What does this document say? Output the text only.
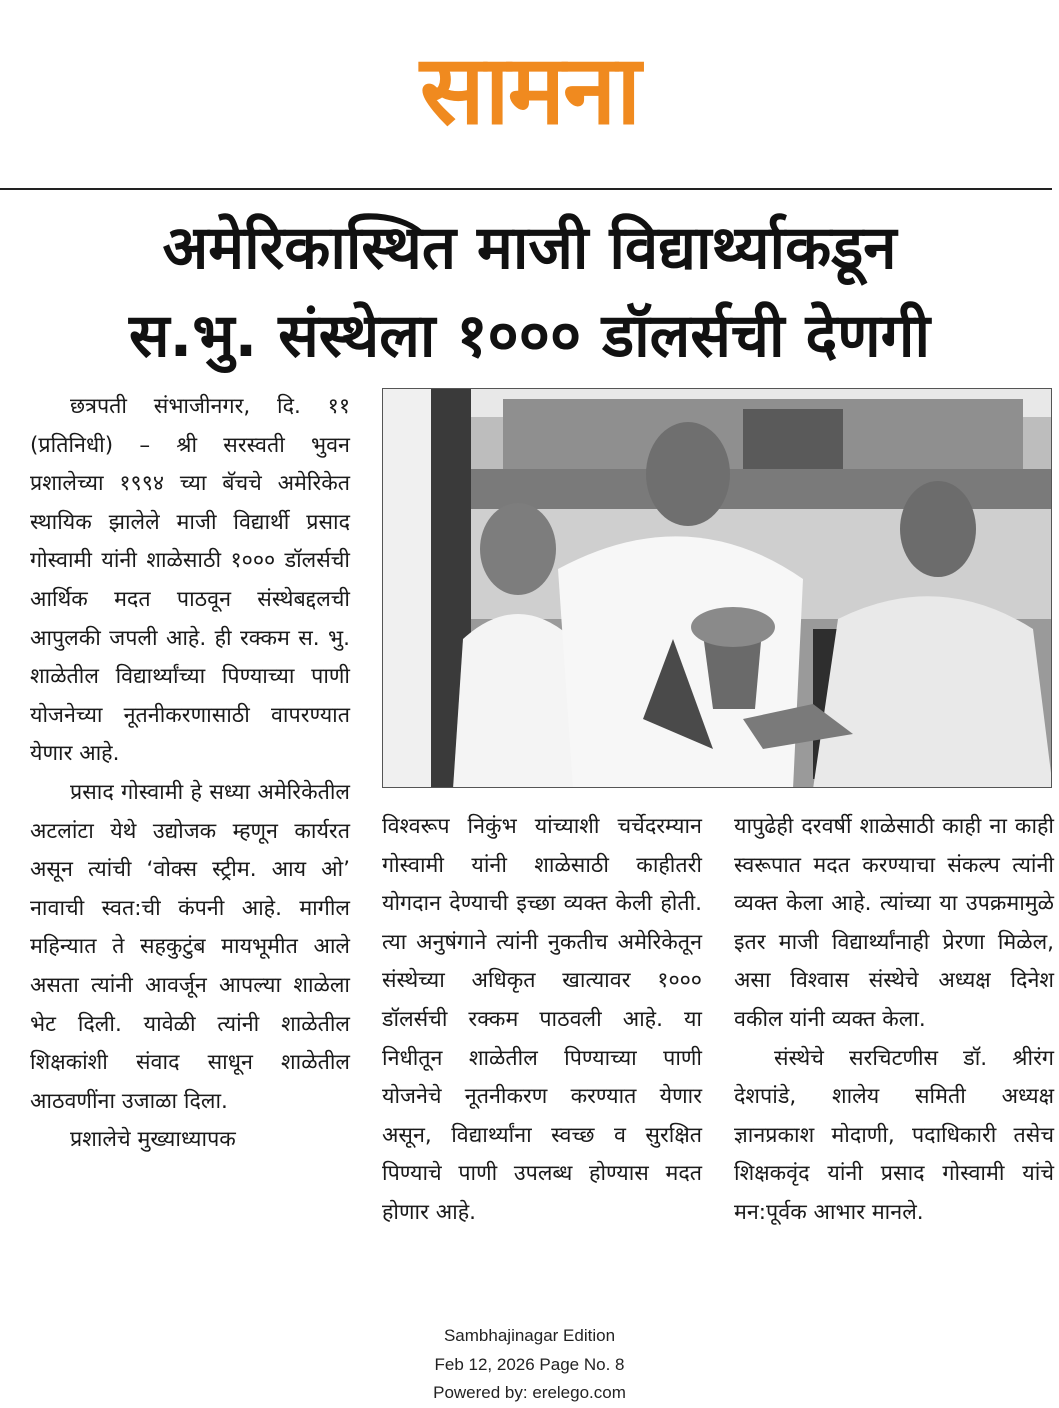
सामना
अमेरिकास्थित माजी विद्यार्थ्याकडून
स.भु. संस्थेला १००० डॉलर्सची देणगी

छत्रपती संभाजीनगर, दि. ११ (प्रतिनिधी) – श्री सरस्वती भुवन प्रशालेच्या १९९४ च्या बॅचचे अमेरिकेत स्थायिक झालेले माजी विद्यार्थी प्रसाद गोस्वामी यांनी शाळेसाठी १००० डॉलर्सची आर्थिक मदत पाठवून संस्थेबद्दलची आपुलकी जपली आहे. ही रक्कम स. भु. शाळेतील विद्यार्थ्यांच्या पिण्याच्या पाणी योजनेच्या नूतनीकरणासाठी वापरण्यात येणार आहे.

प्रसाद गोस्वामी हे सध्या अमेरिकेतील अटलांटा येथे उद्योजक म्हणून कार्यरत असून त्यांची ‘वोक्स स्ट्रीम. आय ओ’ नावाची स्वत:ची कंपनी आहे. मागील महिन्यात ते सहकुटुंब मायभूमीत आले असता त्यांनी आवर्जून आपल्या शाळेला भेट दिली. यावेळी त्यांनी शाळेतील शिक्षकांशी संवाद साधून शाळेतील आठवणींना उजाळा दिला.

प्रशालेचे मुख्याध्यापक

विश्वरूप निकुंभ यांच्याशी चर्चेदरम्यान गोस्वामी यांनी शाळेसाठी काहीतरी योगदान देण्याची इच्छा व्यक्त केली होती. त्या अनुषंगाने त्यांनी नुकतीच अमेरिकेतून संस्थेच्या अधिकृत खात्यावर १००० डॉलर्सची रक्कम पाठवली आहे. या निधीतून शाळेतील पिण्याच्या पाणी योजनेचे नूतनीकरण करण्यात येणार असून, विद्यार्थ्यांना स्वच्छ व सुरक्षित पिण्याचे पाणी उपलब्ध होण्यास मदत होणार आहे.

यापुढेही दरवर्षी शाळेसाठी काही ना काही स्वरूपात मदत करण्याचा संकल्प त्यांनी व्यक्त केला आहे. त्यांच्या या उपक्रमामुळे इतर माजी विद्यार्थ्यांनाही प्रेरणा मिळेल, असा विश्वास संस्थेचे अध्यक्ष दिनेश वकील यांनी व्यक्त केला.

संस्थेचे सरचिटणीस डॉ. श्रीरंग देशपांडे, शालेय समिती अध्यक्ष ज्ञानप्रकाश मोदाणी, पदाधिकारी तसेच शिक्षकवृंद यांनी प्रसाद गोस्वामी यांचे मन:पूर्वक आभार मानले.

Sambhajinagar Edition
Feb 12, 2026 Page No. 8
Powered by: erelego.com
